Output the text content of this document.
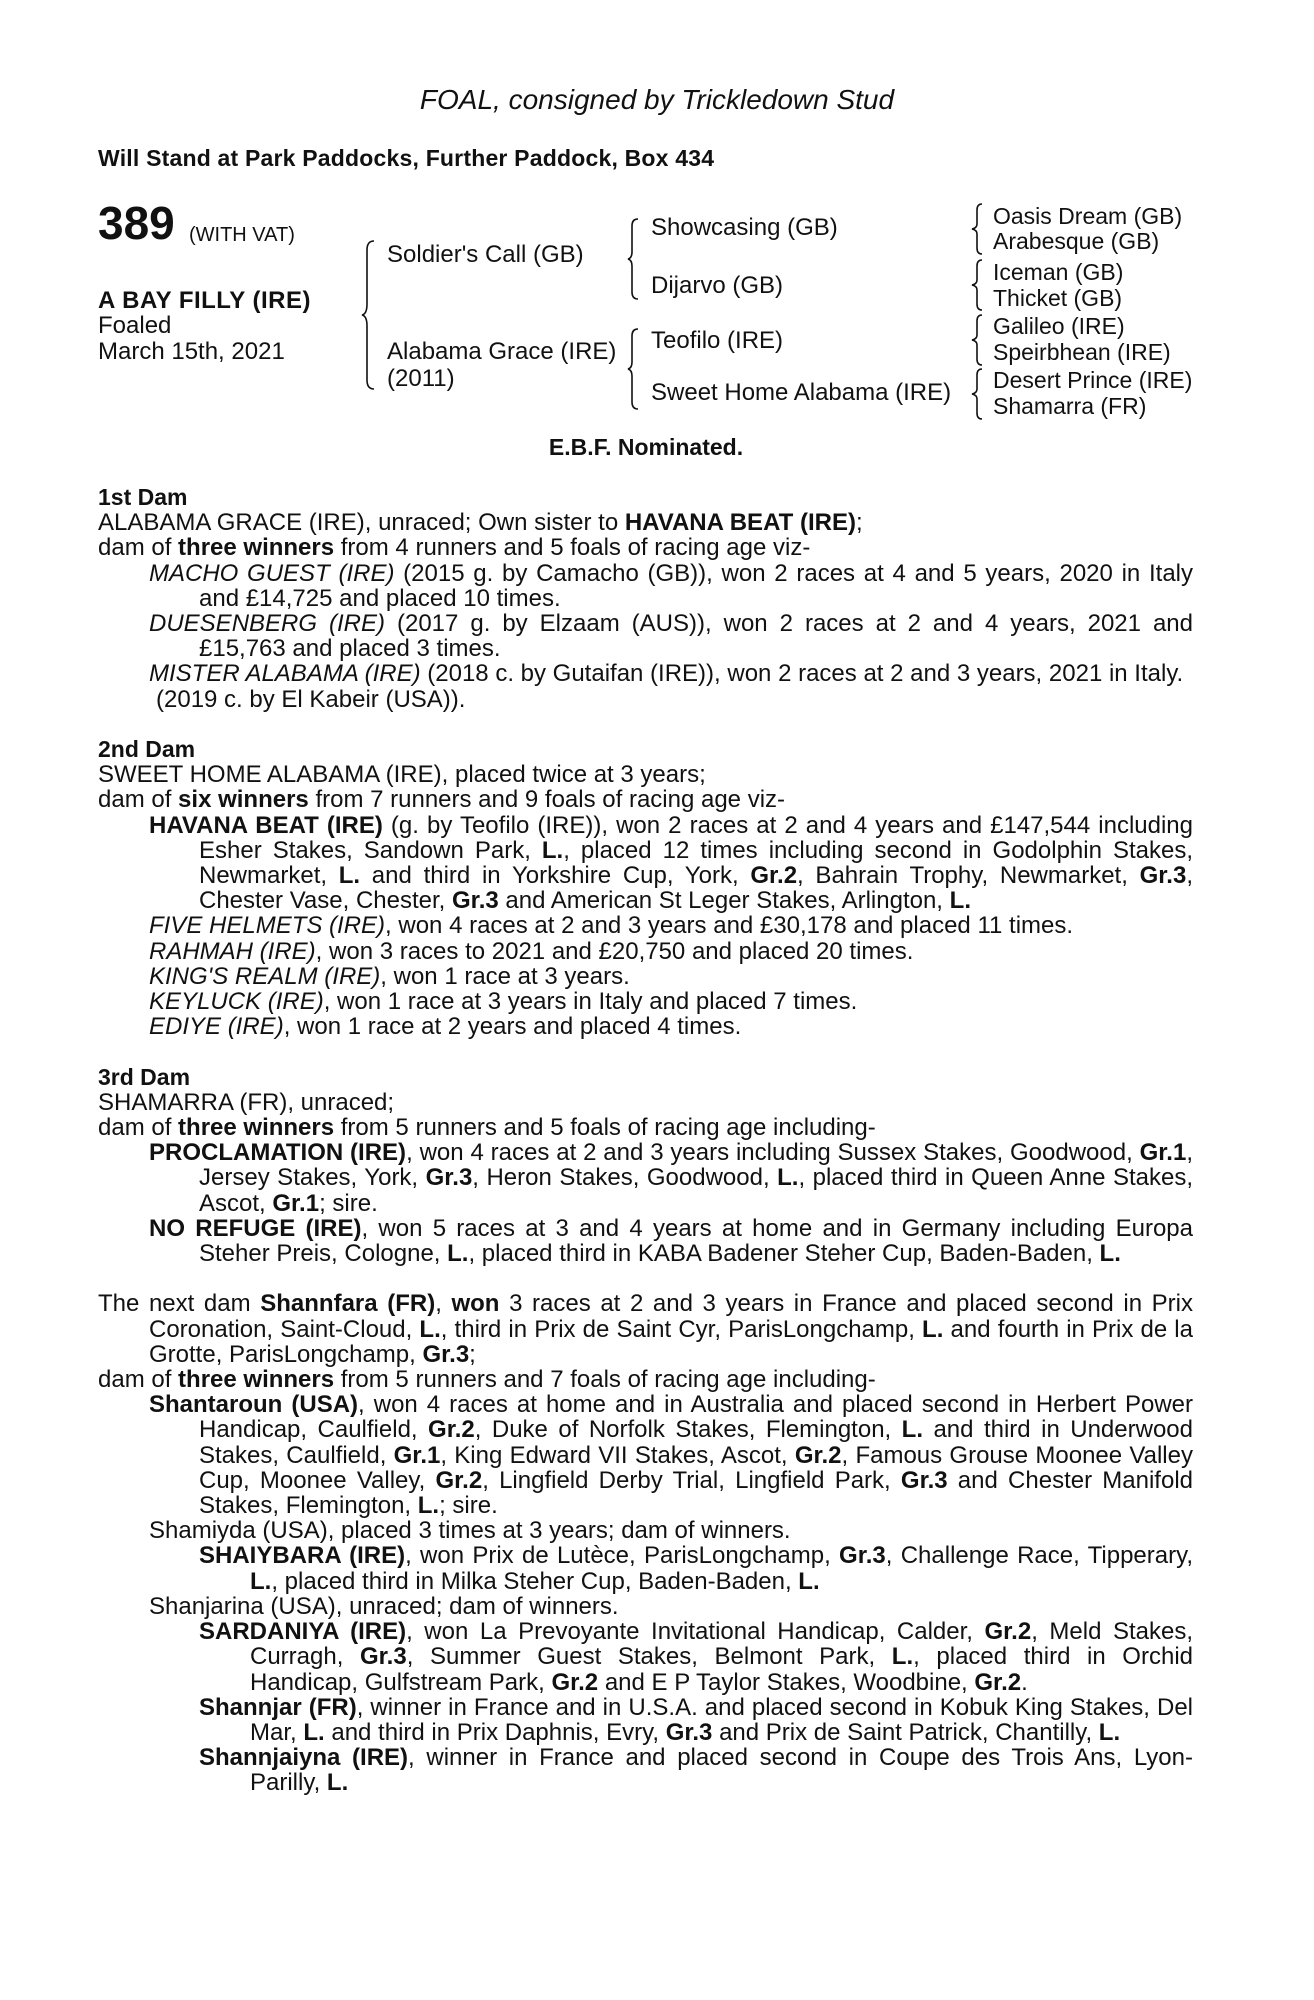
FOAL, consigned by Trickledown Stud
Will Stand at Park Paddocks, Further Paddock, Box 434
389 (WITH VAT)
A BAY FILLY (IRE)
Foaled
March 15th, 2021
Soldier's Call (GB)
Alabama Grace (IRE)
(2011)
Showcasing (GB)
Dijarvo (GB)
Teofilo (IRE)
Sweet Home Alabama (IRE)
Oasis Dream (GB)
Arabesque (GB)
Iceman (GB)
Thicket (GB)
Galileo (IRE)
Speirbhean (IRE)
Desert Prince (IRE)
Shamarra (FR)
E.B.F. Nominated.
1st Dam

ALABAMA GRACE (IRE), unraced; Own sister to HAVANA BEAT (IRE);

dam of three winners from 4 runners and 5 foals of racing age viz-

MACHO GUEST (IRE) (2015 g. by Camacho (GB)), won 2 races at 4 and 5 years, 2020 in Italy and £14,725 and placed 10 times.

DUESENBERG (IRE) (2017 g. by Elzaam (AUS)), won 2 races at 2 and 4 years, 2021 and £15,763 and placed 3 times.

MISTER ALABAMA (IRE) (2018 c. by Gutaifan (IRE)), won 2 races at 2 and 3 years, 2021 in Italy.

(2019 c. by El Kabeir (USA)).

2nd Dam

SWEET HOME ALABAMA (IRE), placed twice at 3 years;

dam of six winners from 7 runners and 9 foals of racing age viz-

HAVANA BEAT (IRE) (g. by Teofilo (IRE)), won 2 races at 2 and 4 years and £147,544 including Esher Stakes, Sandown Park, L., placed 12 times including second in Godolphin Stakes, Newmarket, L. and third in Yorkshire Cup, York, Gr.2, Bahrain Trophy, Newmarket, Gr.3, Chester Vase, Chester, Gr.3 and American St Leger Stakes, Arlington, L.

FIVE HELMETS (IRE), won 4 races at 2 and 3 years and £30,178 and placed 11 times.

RAHMAH (IRE), won 3 races to 2021 and £20,750 and placed 20 times.

KING'S REALM (IRE), won 1 race at 3 years.

KEYLUCK (IRE), won 1 race at 3 years in Italy and placed 7 times.

EDIYE (IRE), won 1 race at 2 years and placed 4 times.

3rd Dam

SHAMARRA (FR), unraced;

dam of three winners from 5 runners and 5 foals of racing age including-

PROCLAMATION (IRE), won 4 races at 2 and 3 years including Sussex Stakes, Goodwood, Gr.1, Jersey Stakes, York, Gr.3, Heron Stakes, Goodwood, L., placed third in Queen Anne Stakes, Ascot, Gr.1; sire.

NO REFUGE (IRE), won 5 races at 3 and 4 years at home and in Germany including Europa Steher Preis, Cologne, L., placed third in KABA Badener Steher Cup, Baden-Baden, L.

The next dam Shannfara (FR), won 3 races at 2 and 3 years in France and placed second in Prix Coronation, Saint-Cloud, L., third in Prix de Saint Cyr, ParisLongchamp, L. and fourth in Prix de la Grotte, ParisLongchamp, Gr.3;

dam of three winners from 5 runners and 7 foals of racing age including-

Shantaroun (USA), won 4 races at home and in Australia and placed second in Herbert Power Handicap, Caulfield, Gr.2, Duke of Norfolk Stakes, Flemington, L. and third in Underwood Stakes, Caulfield, Gr.1, King Edward VII Stakes, Ascot, Gr.2, Famous Grouse Moonee Valley Cup, Moonee Valley, Gr.2, Lingfield Derby Trial, Lingfield Park, Gr.3 and Chester Manifold Stakes, Flemington, L.; sire.

Shamiyda (USA), placed 3 times at 3 years; dam of winners.

SHAIYBARA (IRE), won Prix de Lutèce, ParisLongchamp, Gr.3, Challenge Race, Tipperary, L., placed third in Milka Steher Cup, Baden-Baden, L.

Shanjarina (USA), unraced; dam of winners.

SARDANIYA (IRE), won La Prevoyante Invitational Handicap, Calder, Gr.2, Meld Stakes, Curragh, Gr.3, Summer Guest Stakes, Belmont Park, L., placed third in Orchid Handicap, Gulfstream Park, Gr.2 and E P Taylor Stakes, Woodbine, Gr.2.

Shannjar (FR), winner in France and in U.S.A. and placed second in Kobuk King Stakes, Del Mar, L. and third in Prix Daphnis, Evry, Gr.3 and Prix de Saint Patrick, Chantilly, L.

Shannjaiyna (IRE), winner in France and placed second in Coupe des Trois Ans, Lyon-Parilly, L.
